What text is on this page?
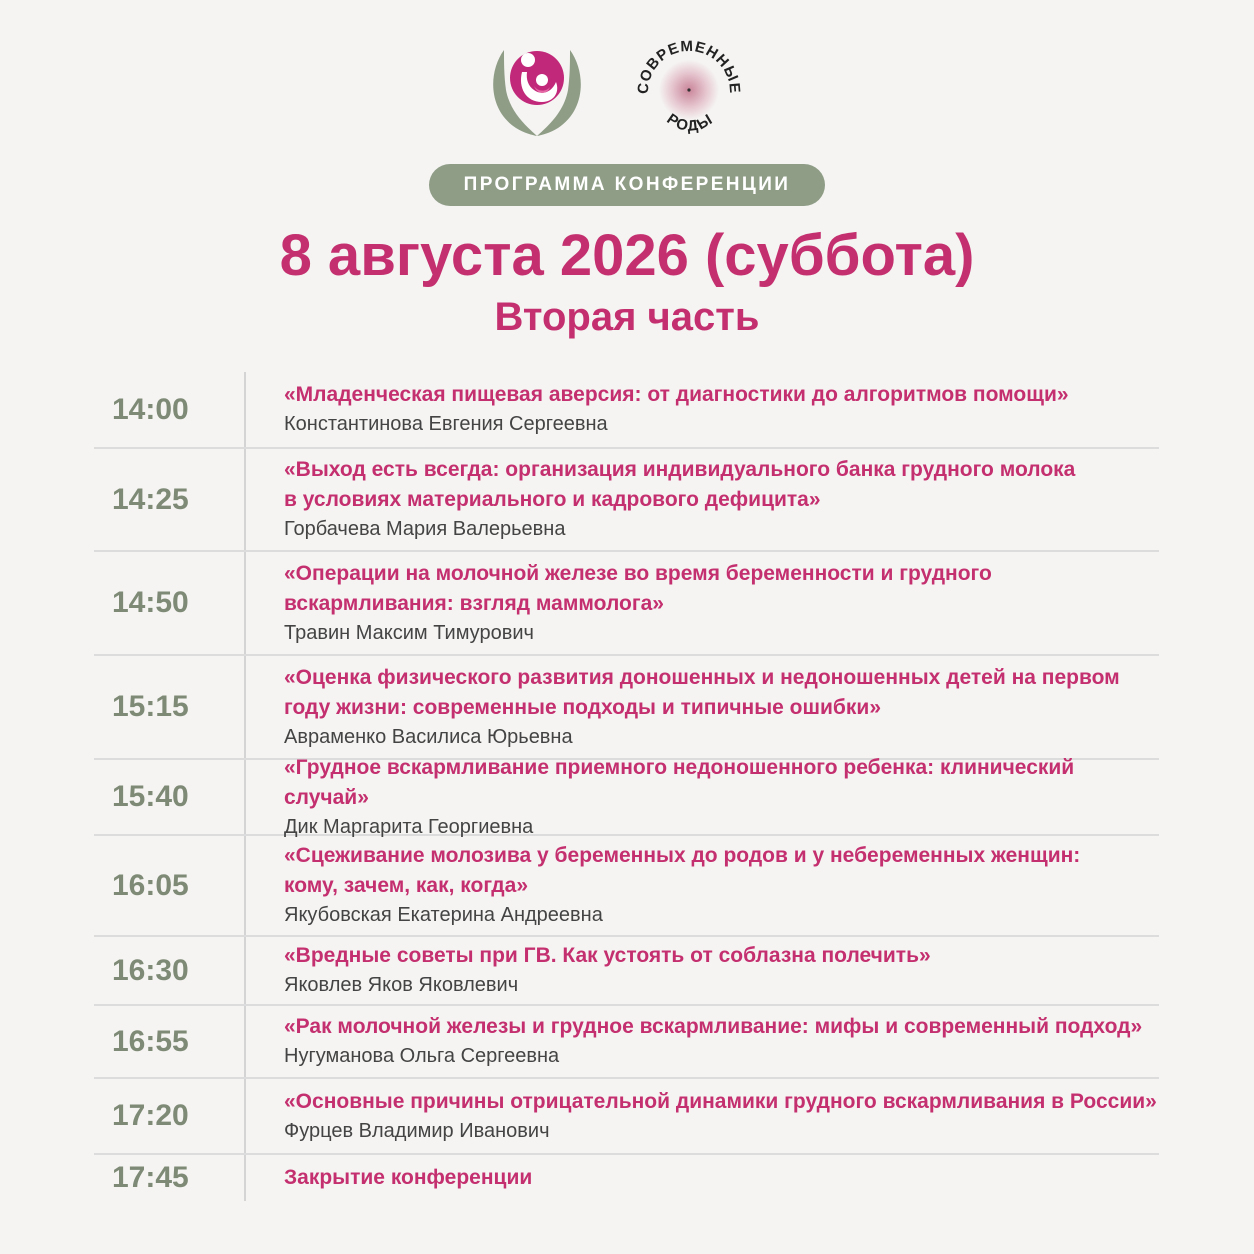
СОВРЕМЕННЫЕ
РОДЫ
ПРОГРАММА КОНФЕРЕНЦИИ
8 августа 2026 (суббота)
Вторая часть
14:00	«Младенческая пищевая аверсия: от диагностики до алгоритмов помощи»
Константинова Евгения Сергеевна
14:25
«Выход есть всегда: организация индивидуального банка грудного молока
в условиях материального и кадрового дефицита»
Горбачева Мария Валерьевна
14:50
«Операции на молочной железе во время беременности и грудного
вскармливания: взгляд маммолога»
Травин Максим Тимурович
15:15
«Оценка физического развития доношенных и недоношенных детей на первом
году жизни: современные подходы и типичные ошибки»
Авраменко Василиса Юрьевна
15:40
«Грудное вскармливание приемного недоношенного ребенка: клинический случай»
Дик Маргарита Георгиевна
16:05
«Сцеживание молозива у беременных до родов и у небеременных женщин:
кому, зачем, как, когда»
Якубовская Екатерина Андреевна
16:30	«Вредные советы при ГВ. Как устоять от соблазна полечить»
Яковлев Яков Яковлевич
16:55	«Рак молочной железы и грудное вскармливание: мифы и современный подход»
Нугуманова Ольга Сергеевна
17:20	«Основные причины отрицательной динамики грудного вскармливания в России»
Фурцев Владимир Иванович
17:45	Закрытие конференции
